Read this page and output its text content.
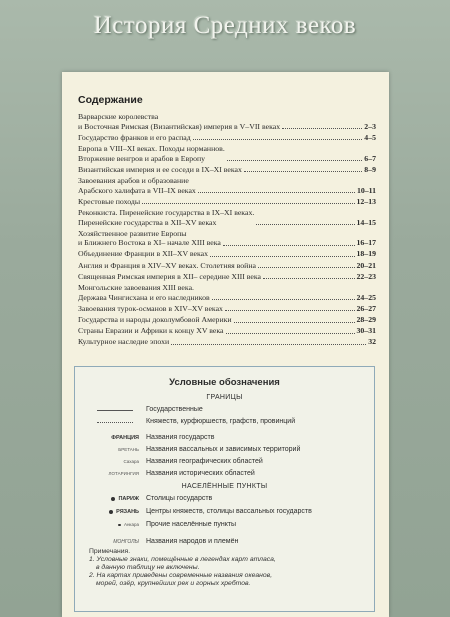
История Средних веков
Содержание
Варварские королевства
и Восточная Римская (Византийская) империя в V–VII веках	2–3
Государство франков и его распад	4–5
Европа в VIII–XI веках. Походы норманнов.
Вторжение венгров и арабов в Европу	6–7
Византийская империя и ее соседи в IX–XI веках	8–9
Завоевания арабов и образование
Арабского халифата в VII–IX веках	10–11
Крестовые походы	12–13
Реконкиста. Пиренейские государства в IX–XI веках.
Пиренейские государства в XII–XV веках	14–15
Хозяйственное развитие Европы
и Ближнего Востока в XI– начале XIII века	16–17
Объединение Франции в XII–XV веках	18–19
Англия и Франция в XIV–XV веках. Столетняя война	20–21
Священная Римская империя в XII– середине XIII века	22–23
Монгольские завоевания XIII века.
Держава Чингисхана и его наследников	24–25
Завоевания турок-османов в XIV–XV веках	26–27
Государства и народы доколумбовой Америки	28–29
Страны Евразии и Африки к концу XV века	30–31
Культурное наследие эпохи	32
Условные обозначения
ГРАНИЦЫ
Государственные
Княжеств, курфюршеств, графств, провинций
ФРАНЦИЯ Названия государств
БРЕТАНЬ Названия вассальных и зависимых территорий
Сахара Названия географических областей
ЛОТАРИНГИЯ Названия исторических областей
НАСЕЛЁННЫЕ ПУНКТЫ
ПАРИЖ Столицы государств
РЯЗАНЬ Центры княжеств, столицы вассальных государств
Анкара Прочие населённые пункты
МОНГОЛЫ Названия народов и племён
Примечания.
1. Условные знаки, помещённые в легендах карт атласа,
в данную таблицу не включены.
2. На картах приведены современные названия океанов,
морей, озёр, крупнейших рек и горных хребтов.
